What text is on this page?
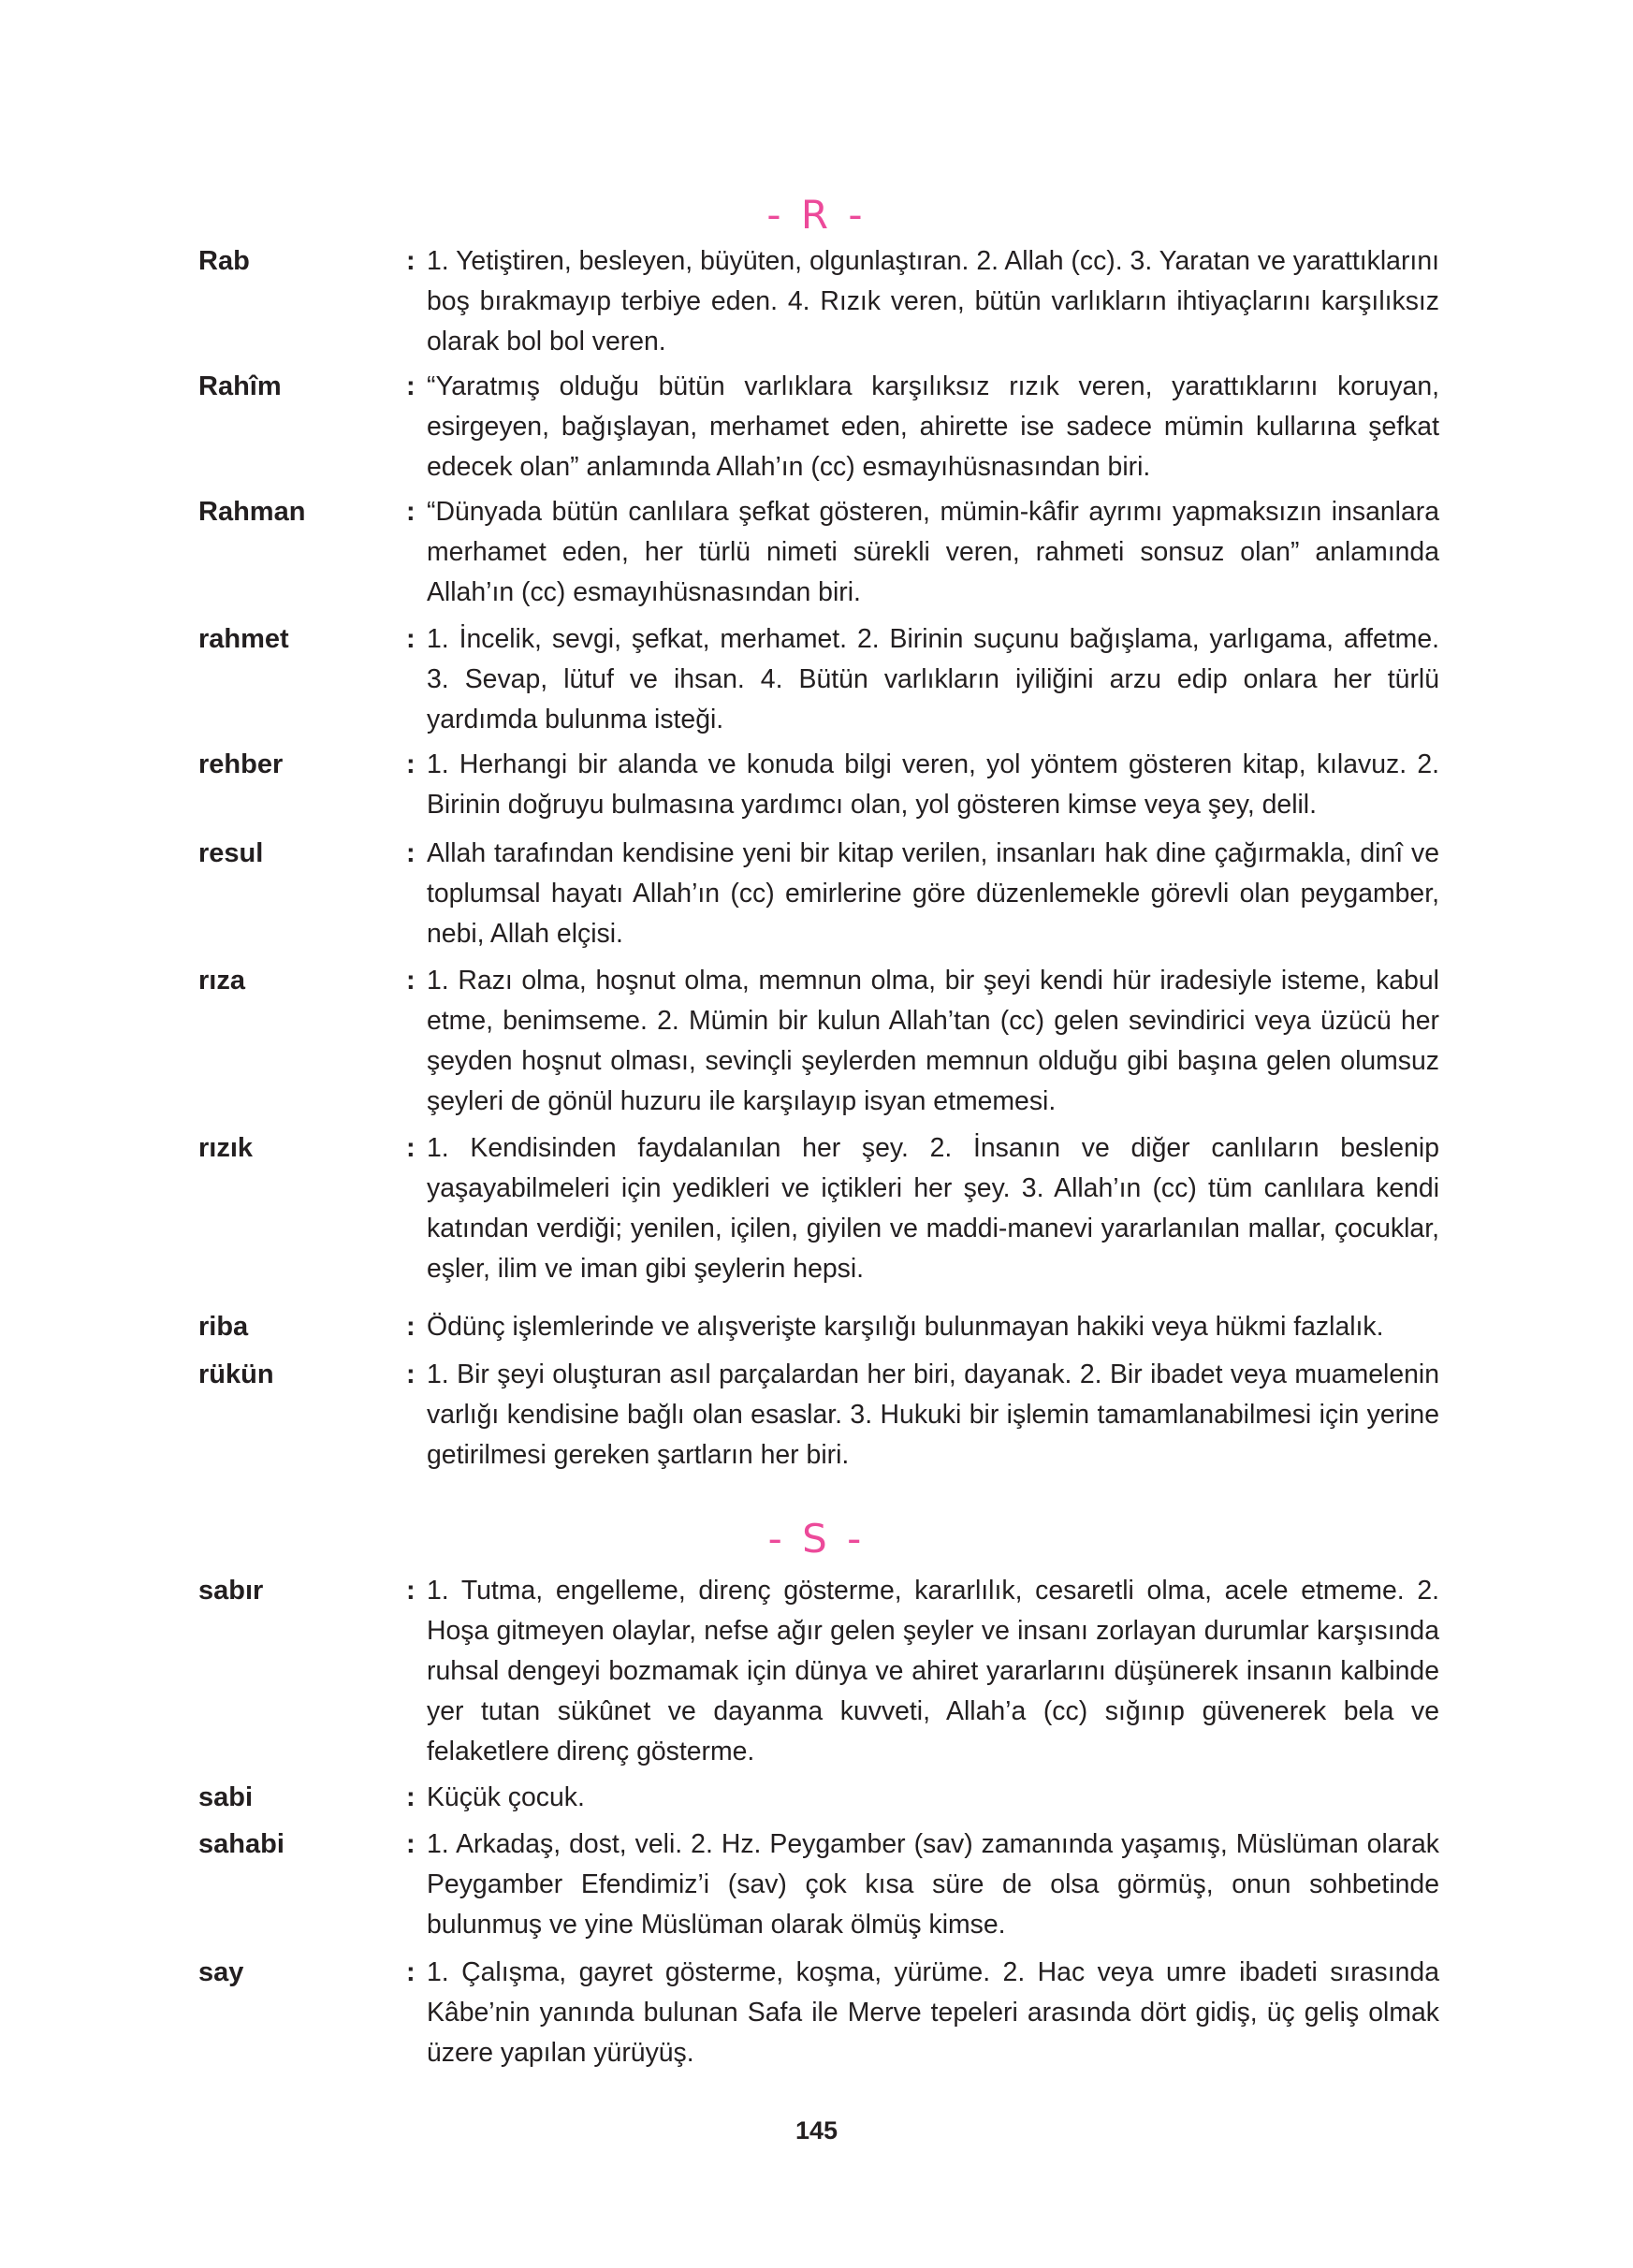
- R -
Rab	: 1. Yetiştiren, besleyen, büyüten, olgunlaştıran. 2. Allah (cc). 3. Yaratan ve yarattıklarını boş bırakmayıp terbiye eden. 4. Rızık veren, bütün varlıkların ihtiyaçlarını karşılıksız olarak bol bol veren.
Rahîm	: “Yaratmış olduğu bütün varlıklara karşılıksız rızık veren, yarattıklarını koruyan, esirgeyen, bağışlayan, merhamet eden, ahirette ise sadece mümin kullarına şefkat edecek olan” anlamında Allah’ın (cc) esmayıhüsnasından biri.
Rahman	: “Dünyada bütün canlılara şefkat gösteren, mümin-kâfir ayrımı yapmaksızın insanlara merhamet eden, her türlü nimeti sürekli veren, rahmeti sonsuz olan” anlamında Allah’ın (cc) esmayıhüsnasından biri.
rahmet	: 1. İncelik, sevgi, şefkat, merhamet. 2. Birinin suçunu bağışlama, yarlıgama, affetme. 3. Sevap, lütuf ve ihsan. 4. Bütün varlıkların iyiliğini arzu edip onlara her türlü yardımda bulunma isteği.
rehber	: 1. Herhangi bir alanda ve konuda bilgi veren, yol yöntem gösteren kitap, kılavuz. 2. Birinin doğruyu bulmasına yardımcı olan, yol gösteren kimse veya şey, delil.
resul	: Allah tarafından kendisine yeni bir kitap verilen, insanları hak dine çağırmakla, dinî ve toplumsal hayatı Allah’ın (cc) emirlerine göre düzenlemekle görevli olan peygamber, nebi, Allah elçisi.
rıza	: 1. Razı olma, hoşnut olma, memnun olma, bir şeyi kendi hür iradesiyle isteme, kabul etme, benimseme. 2. Mümin bir kulun Allah’tan (cc) gelen sevindirici veya üzücü her şeyden hoşnut olması, sevinçli şeylerden memnun olduğu gibi başına gelen olumsuz şeyleri de gönül huzuru ile karşılayıp isyan etmemesi.
rızık	: 1. Kendisinden faydalanılan her şey. 2. İnsanın ve diğer canlıların beslenip yaşayabilmeleri için yedikleri ve içtikleri her şey. 3. Allah’ın (cc) tüm canlılara kendi katından verdiği; yenilen, içilen, giyilen ve maddi-manevi yararlanılan mallar, çocuklar, eşler, ilim ve iman gibi şeylerin hepsi.
riba	: Ödünç işlemlerinde ve alışverişte karşılığı bulunmayan hakiki veya hükmi fazlalık.
rükün	: 1. Bir şeyi oluşturan asıl parçalardan her biri, dayanak. 2. Bir ibadet veya muamelenin varlığı kendisine bağlı olan esaslar. 3. Hukuki bir işlemin tamamlanabilmesi için yerine getirilmesi gereken şartların her biri.
- S -
sabır	: 1. Tutma, engelleme, direnç gösterme, kararlılık, cesaretli olma, acele etmeme. 2. Hoşa gitmeyen olaylar, nefse ağır gelen şeyler ve insanı zorlayan durumlar karşısında ruhsal dengeyi bozmamak için dünya ve ahiret yararlarını düşünerek insanın kalbinde yer tutan sükûnet ve dayanma kuvveti, Allah’a (cc) sığınıp güvenerek bela ve felaketlere direnç gösterme.
sabi	: Küçük çocuk.
sahabi	: 1. Arkadaş, dost, veli. 2. Hz. Peygamber (sav) zamanında yaşamış, Müslüman olarak Peygamber Efendimiz’i (sav) çok kısa süre de olsa görmüş, onun sohbetinde bulunmuş ve yine Müslüman olarak ölmüş kimse.
say	: 1. Çalışma, gayret gösterme, koşma, yürüme. 2. Hac veya umre ibadeti sırasında Kâbe’nin yanında bulunan Safa ile Merve tepeleri arasında dört gidiş, üç geliş olmak üzere yapılan yürüyüş.
145
